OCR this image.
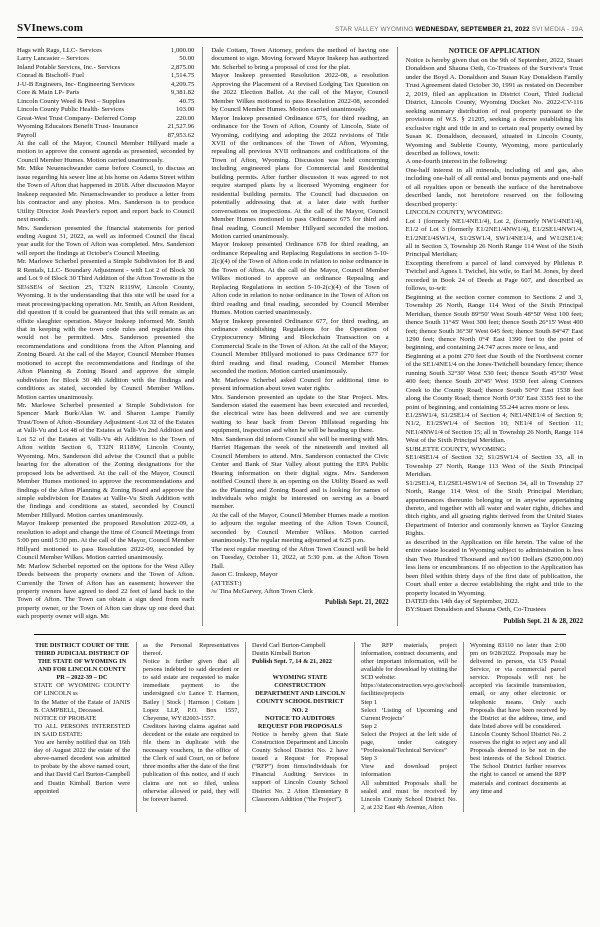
SVInews.com	STAR VALLEY WYOMING WEDNESDAY, SEPTEMBER 21, 2022 SVI MEDIA - 19A
Hags with Rags, LLC- Services	1,000.00
Larry Lancaster – Services	50.00
Inland Potable Services, Inc.- Services	2,875.00
Conrad & Bischoff- Fuel	1,514.75
J-U-B Engineers, Inc- Engineering Services	4,209.75
Core & Main LP- Parts	9,381.82
Lincoln County Weed & Pest – Supplies	40.75
Lincoln County Public Health- Services	103.00
Great-West Trust Company- Deferred Comp	220.00
Wyoming Educators Benefit Trust- Insurance	21,527.96
Payroll	87,953.62

At the call of the Mayor, Council Member Hillyard made a motion to approve the consent agenda as presented, seconded by Council Member Humes. Motion carried unanimously.

Mr. Mike Neuenschwander came before Council, to discuss an issue regarding his sewer line at his home on Adams Street within the Town of Afton that happened in 2018. After discussion Mayor Inskeep requested Mr. Neuenschwander to produce a letter from his contractor and any photos. Mrs. Sanderson is to produce Utility Director Josh Peavler's report and report back to Council next month.

Mrs. Sanderson presented the financial statements for period ending August 31, 2022, as well as informed Council the fiscal year audit for the Town of Afton was completed. Mrs. Sanderson will report the findings at October's Council Meeting.

Mr. Marlowe Scherbel presented a Simple Subdivision for B and R Rentals, LLC- Boundary Adjustment - with Lot 2 of Block 30 and Lot 9 of Block 30 Third Addition of the Afton Townsite in the SE¼SE¼ of Section 25, T32N R119W, Lincoln County, Wyoming. It is the understanding that this site will be used for a meat processing/packing operation. Mr. Smith, an Afton Resident, did question if it could be guaranteed that this will remain as an offsite slaughter operation. Mayor Inskeep informed Mr. Smith that in keeping with the town code rules and regulations this would not be permitted. Mrs. Sanderson presented the recommendations and conditions from the Afton Planning and Zoning Board. At the call of the Mayor, Council Member Humes motioned to accept the recommendations and findings of the Afton Planning & Zoning Board and approve the simple subdivision for Block 30 4th Addition with the findings and conditions as stated, seconded by Council Member Wilkes. Motion carries unanimously.

Mr. Marlowe Scherbel presented a Simple Subdivision for Spencer Mark Burk/Alan W. and Sharon Lampe Family Trust/Town of Afton -Boundary Adjustment -Lot 32 of the Estates at Valli-Vu and Lot 48 of the Estates at Valli-Vu 2nd Addition and Lot 52 of the Estates at Valli-Vu 4th Addition to the Town of Afton within Section 6, T32N R118W, Lincoln County, Wyoming. Mrs. Sanderson did advise the Council that a public hearing for the alteration of the Zoning designations for the proposed lots be advertised. At the call of the Mayor, Council Member Humes motioned to approve the recommendations and findings of the Afton Planning & Zoning Board and approve the simple subdivision for Estates at Vallie-Vu Sixth Addition with the findings and conditions as stated, seconded by Council Member Hillyard. Motion carries unanimously.

Mayor Inskeep presented the proposed Resolution 2022-09, a resolution to adopt and change the time of Council Meetings from 5:00 pm until 5:30 pm. At the call of the Mayor, Council Member Hillyard motioned to pass Resolution 2022-09, seconded by Council Member Wilkes. Motion carried unanimously.

Mr. Marlow Scherbel reported on the options for the West Alley Deeds between the property owners and the Town of Afton. Currently the Town of Afton has an easement; however the property owners have agreed to deed 22 feet of land back to the Town of Afton. The Town can obtain a sign deed from each property owner, or the Town of Afton can draw up one deed that each property owner will sign. Mr.

Dale Cottam, Town Attorney, prefers the method of having one document to sign. Moving forward Mayor Inskeep has authorized Mr. Scherbel to bring a proposal of cost for the plat.

Mayor Inskeep presented Resolution 2022-08, a resolution Approving the Placement of a Revised Lodging Tax Question on the 2022 Election Ballot. At the call of the Mayor, Council Member Wilkes motioned to pass Resolution 2022-08, seconded by Council Member Humes. Motion carried unanimously.

Mayor Inskeep presented Ordinance 675, for third reading, an ordinance for the Town of Afton, County of Lincoln, State of Wyoming, codifying and adopting the 2022 revisions of Title XVII of the ordinances of the Town of Afton, Wyoming, repealing all previous XVII ordinances and codifications of the Town of Afton, Wyoming. Discussion was held concerning including engineered plans for Commercial and Residential building permits. After further discussion it was agreed to not require stamped plans by a licensed Wyoming engineer for residential building permits. The Council had discussion on potentially addressing that at a later date with further conversations on inspections. At the call of the Mayor, Council Member Humes motioned to pass Ordinance 675 for third and final reading, Council Member Hillyard seconded the motion. Motion carried unanimously.

Mayor Inskeep presented Ordinance 678 for third reading, an ordinance Repealing and Replacing Regulations in section 5-10-2(c)(4) of the Town of Afton code in relation to noise ordinance in the Town of Afton. At the call of the Mayor, Council Member Wilkes motioned to approve an ordinance Repealing and Replacing Regulations in section 5-10-2(c)(4) of the Town of Afton code in relation to noise ordinance in the Town of Afton on third reading and final reading, seconded by Council Member Humes. Motion carried unanimously.

Mayor Inskeep presented Ordinance 677, for third reading, an ordinance establishing Regulations for the Operation of Cryptocurrency Mining and Blockchain Transaction on a Commercial Scale in the Town of Afton. At the call of the Mayor, Council Member Hillyard motioned to pass Ordinance 677 for third reading and final reading, Council Member Humes seconded the motion. Motion carried unanimously.

Mr. Marlowe Scherbel asked Council for additional time to present information about town water rights.

Mrs. Sanderson presented an update to the Star Project. Mrs. Sanderson stated the easement has been executed and recorded, the electrical wire has been delivered and we are currently waiting to hear back from Devon Hillstead regarding his equipment, inspection and when he will be heading up there.

Mrs. Sanderson did inform Council she will be meeting with Mrs. Harriet Hageman the week of the nineteenth and invited all Council Members to attend. Mrs. Sanderson contacted the Civic Center and Bank of Star Valley about putting the EPA Public Hearing information on their digital signs. Mrs. Sanderson notified Council there is an opening on the Utility Board as well as the Planning and Zoning Board and is looking for names of individuals who might be interested on serving as a board member.

At the call of the Mayor, Council Member Humes made a motion to adjourn the regular meeting of the Afton Town Council, seconded by Council Member Wilkes. Motion carried unanimously. The regular meeting adjourned at 6:25 p.m.

The next regular meeting of the Afton Town Council will be held on Tuesday, October 11, 2022, at 5:30 p.m. at the Afton Town Hall.

Jason C. Inskeep, Mayor

(ATTEST:)

/s/ Tina McGarvey, Afton Town Clerk

Publish Sept. 21, 2022
NOTICE OF APPLICATION

Notice is hereby given that on the 9th of September, 2022, Stuart Donaldson and Shauna Oeth, Co-Trustees of the Survivor's Trust under the Boyd A. Donaldson and Susan Kay Donaldson Family Trust Agreement dated October 30, 1991 as restated on December 2, 2019, filed an application in District Court, Third Judicial District, Lincoln County, Wyoming Docket No. 2022-CV-116 seeking summary distribution of real property pursuant to the provisions of W.S. § 21205, seeking a decree establishing his exclusive right and title in and to certain real property owned by Susan K. Donaldson, deceased, situated in Lincoln County, Wyoming and Sublette County, Wyoming, more particularly described as follows, towit:

A one-fourth interest in the following:

One-half interest in all minerals, including oil and gas, also including one-half of all rental and bonus payments and one-half of all royalties upon or beneath the surface of the hereinabove described lands, not heretofore reserved on the following described property:

LINCOLN COUNTY, WYOMING:

Lot 1 (formerly NE1/4NE1/4), Lot 2, (formerly NW1/4NE1/4), E1/2 of Lot 3 (formerly E1/2NE1/4NW1/4), E1/2SE1/4NW1/4, E1/2NE1/4SW1/4, S1/2SW1/4, SW1/4NE1/4, and W1/2SE1/4; all in Section 3, Township 26 North Range 114 West of the Sixth Principal Meridian;

Excepting therefrom a parcel of land conveyed by Philetus P. Twichel and Agnes I. Twichel, his wife, to Earl M. Jones, by deed recorded in Book 24 of Deeds at Page 607, and described as follows, to-wit:

Beginning at the section corner common to Sections 2 and 3, Township 26 North, Range 114 West of the Sixth Principal Meridian, thence South 89°50' West South 48°50' West 100 feet; thence South 11°45' West 300 feet; thence South 26°15' West 400 feet; thence South 36°30' West 645 feet; thence South 84°47' East 1290 feet; thence North 0°4' East 1390 feet to the point of beginning, and containing 24.747 acres more or less, and

Beginning at a point 270 feet due South of the Northwest corner of the SE1/4NE1/4 on the Jones-Twitchell boundary fence; thence running South 32°30' West 530 feet; thence South 45°30' West 400 feet; thence South 20°45' West 1930 feet along Connors Creek to the County Road; thence South 50°0' East 1538 feet along the County Road; thence North 0°30' East 3355 feet to the point of beginning, and containing 55.244 acres more or less.

E1/2SW1/4, S1/2SE1/4 of Section 4; NE1/4NE1/4 of Section 9; N1/2, E1/2SW1/4 of Section 10; NE1/4 of Section 11; NE1/4NW1/4 of Section 15; all in Township 26 North, Range 114 West of the Sixth Principal Meridian.

SUBLETTE COUNTY, WYOMING:

SE1/4SE1/4 of Section 32; S1/2SW1/4 of Section 33, all in Township 27 North, Range 113 West of the Sixth Principal Meridian.

S1/2SE1/4, E1/2SE1/4SW1/4 of Section 34, all in Township 27 North, Range 114 West of the Sixth Principal Meridian; appurtenances thereunto belonging or in anywise appertaining thereto, and together with all water and water rights, ditches and ditch rights, and all grazing rights derived from the United States Department of Interior and commonly known as Taylor Grazing Rights.

as described in the Application on file herein. The value of the entire estate located in Wyoming subject to administration is less than Two Hundred Thousand and no/100 Dollars ($200,000.00) less liens or encumbrances. If no objection to the Application has been filed within thirty days of the first date of publication, the Court shall enter a decree establishing the right and title to the property located in Wyoming.

DATED this 14th day of September, 2022.

BY:Stuart Donaldson and Shauna Oeth, Co-Trustees

Publish Sept. 21 & 28, 2022

THE DISTRICT COURT OF THE THIRD JUDICIAL DISTRICT OF THE STATE OF WYOMING IN AND FOR LINCOLN COUNTY

PR – 2022-39 – DC

STATE OF WYOMING COUNTY OF LINCOLN ss

In the Matter of the Estate of JANIS B. CAMPBELL, Deceased.

NOTICE OF PROBATE

TO ALL PERSONS INTERESTED IN SAID ESTATE:

You are hereby notified that on 16th day of August 2022 the estate of the above-named decedent was admitted to probate by the above named court, and that David Carl Burton-Campbell and Dustin Kimball Burton were appointed

as the Personal Representatives thereof.

Notice is further given that all persons indebted to said decedent or to said estate are requested to make immediate payment to the undersigned c/o Lance T. Harmon, Bailey | Stock | Harmon | Cottam | Lopez LLP, P.O. Box 1557, Cheyenne, WY 82003-1557.

Creditors having claims against said decedent or the estate are required to file them in duplicate with the necessary vouchers, in the office of the Clerk of said Court, on or before three months after the date of the first publication of this notice, and if such claims are not so filed, unless otherwise allowed or paid, they will be forever barred.

David Carl Burton-Campbell

Dustin Kimball Burton

Publish Sept. 7, 14 & 21, 2022

WYOMING STATE CONSTRUCTION DEPARTMENT AND LINCOLN COUNTY SCHOOL DISTRICT NO. 2

NOTICE TO AUDITORS

REQUEST FOR PROPOSALS

Notice is hereby given that State Construction Department and Lincoln County School District No. 2 have issued a Request for Proposal (“RFP”) from firms/individuals for Financial Auditing Services in support of Lincoln County School District No. 2 Afton Elementary 8 Classroom Addition (“the Project”).

The RFP materials, project information, contract documents, and other important information, will be available for download by visiting the SCD website:

https://stateconstruction.wyo.gov/school-facilities/projects

Step 1

Select ‘Listing of Upcoming and Current Projects’

Step 2

Select the Project at the left side of page, under category “Professional/Technical Services”

Step 3

View and download project information

All submitted Proposals shall be sealed and must be received by Lincoln County School District No. 2, at 232 East 4th Avenue, Afton

Wyoming 83110 no later than 2:00 pm on 9/28/2022. Proposals may be delivered in person, via US Postal Service, or via commercial parcel service. Proposals will not be accepted via facsimile transmission, email, or any other electronic or telephonic means. Only such Proposals that have been received by the District at the address, time, and date listed above will be considered.

Lincoln County School District No. 2 reserves the right to reject any and all Proposals deemed to be not in the best interests of the School District. The School District further reserves the right to cancel or amend the RFP materials and contract documents at any time and
